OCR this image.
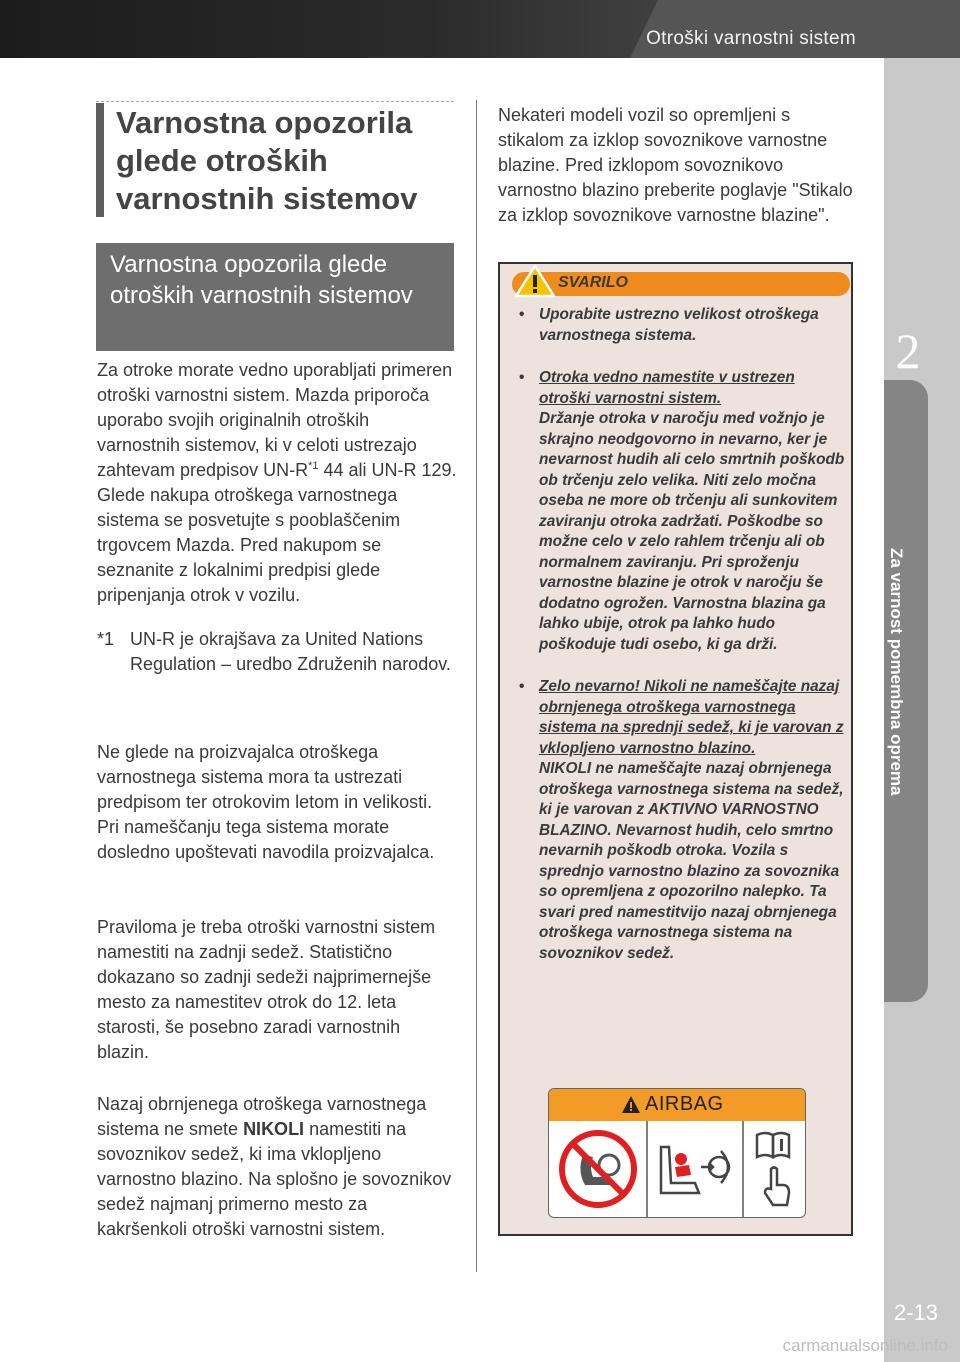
Otroški varnostni sistem
2
Za varnost pomembna oprema
2-13
carmanualsonline.info
Varnostna opozorila glede otroških varnostnih sistemov
Varnostna opozorila glede otroških varnostnih sistemov

Za otroke morate vedno uporabljati primeren otroški varnostni sistem. Mazda priporoča uporabo svojih originalnih otroških varnostnih sistemov, ki v celoti ustrezajo zahtevam predpisov $UN-R^{*1}$ 44 ali UN-R 129. Glede nakupa otroškega varnostnega sistema se posvetujte s pooblaščenim trgovcem Mazda. Pred nakupom se seznanite z lokalnimi predpisi glede pripenjanja otrok v vozilu.

*1 UN-R je okrajšava za United Nations Regulation – uredbo Združenih narodov.

Ne glede na proizvajalca otroškega varnostnega sistema mora ta ustrezati predpisom ter otrokovim letom in velikosti. Pri nameščanju tega sistema morate dosledno upoštevati navodila proizvajalca.

Praviloma je treba otroški varnostni sistem namestiti na zadnji sedež. Statistično dokazano so zadnji sedeži najprimernejše mesto za namestitev otrok do 12. leta starosti, še posebno zaradi varnostnih blazin.

Nazaj obrnjenega otroškega varnostnega sistema ne smete NIKOLI namestiti na sovoznikov sedež, ki ima vklopljeno varnostno blazino. Na splošno je sovoznikov sedež najmanj primerno mesto za kakršenkoli otroški varnostni sistem.

Nekateri modeli vozil so opremljeni s stikalom za izklop sovoznikove varnostne blazine. Pred izklopom sovoznikovo varnostno blazino preberite poglavje "Stikalo za izklop sovoznikove varnostne blazine".

SVARILO
• Uporabite ustrezno velikost otroškega varnostnega sistema.
• Otroka vedno namestite v ustrezen otroški varnostni sistem.
Držanje otroka v naročju med vožnjo je skrajno neodgovorno in nevarno, ker je nevarnost hudih ali celo smrtnih poškodb ob trčenju zelo velika. Niti zelo močna oseba ne more ob trčenju ali sunkovitem zaviranju otroka zadržati. Poškodbe so možne celo v zelo rahlem trčenju ali ob normalnem zaviranju. Pri sproženju varnostne blazine je otrok v naročju še dodatno ogrožen. Varnostna blazina ga lahko ubije, otrok pa lahko hudo poškoduje tudi osebo, ki ga drži.
• Zelo nevarno! Nikoli ne nameščajte nazaj obrnjenega otroškega varnostnega sistema na sprednji sedež, ki je varovan z vklopljeno varnostno blazino.
NIKOLI ne nameščajte nazaj obrnjenega otroškega varnostnega sistema na sedež, ki je varovan z AKTIVNO VARNOSTNO BLAZINO. Nevarnost hudih, celo smrtno nevarnih poškodb otroka. Vozila s sprednjo varnostno blazino za sovoznika so opremljena z opozorilno nalepko. Ta svari pred namestitvijo nazaj obrnjenega otroškega varnostnega sistema na sovoznikov sedež.
AIRBAG
